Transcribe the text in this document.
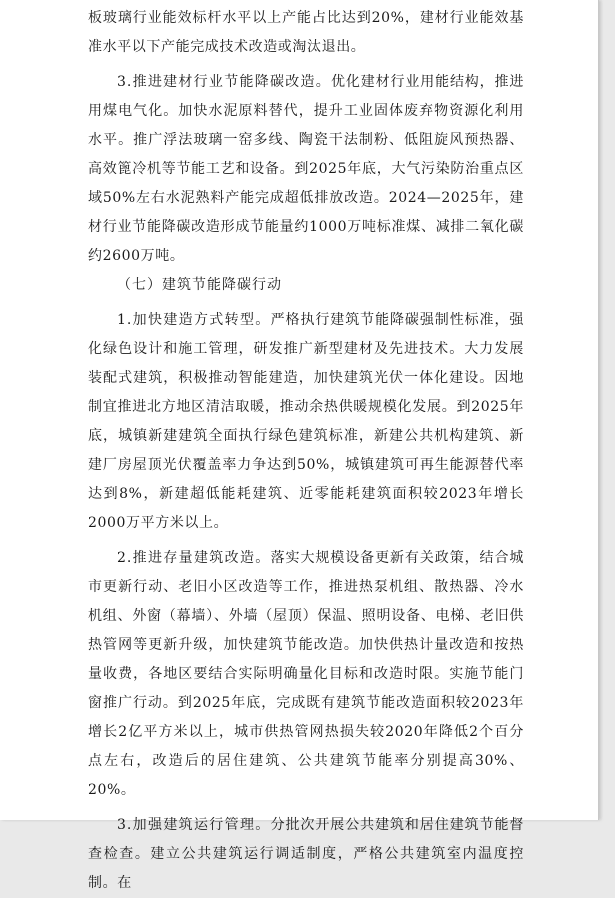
板玻璃行业能效标杆水平以上产能占比达到20%，建材行业能效基准水平以下产能完成技术改造或淘汰退出。

3.推进建材行业节能降碳改造。优化建材行业用能结构，推进用煤电气化。加快水泥原料替代，提升工业固体废弃物资源化利用水平。推广浮法玻璃一窑多线、陶瓷干法制粉、低阻旋风预热器、高效篦冷机等节能工艺和设备。到2025年底，大气污染防治重点区域50%左右水泥熟料产能完成超低排放改造。2024—2025年，建材行业节能降碳改造形成节能量约1000万吨标准煤、减排二氧化碳约2600万吨。

（七）建筑节能降碳行动

1.加快建造方式转型。严格执行建筑节能降碳强制性标准，强化绿色设计和施工管理，研发推广新型建材及先进技术。大力发展装配式建筑，积极推动智能建造，加快建筑光伏一体化建设。因地制宜推进北方地区清洁取暖，推动余热供暖规模化发展。到2025年底，城镇新建建筑全面执行绿色建筑标准，新建公共机构建筑、新建厂房屋顶光伏覆盖率力争达到50%，城镇建筑可再生能源替代率达到8%，新建超低能耗建筑、近零能耗建筑面积较2023年增长2000万平方米以上。

2.推进存量建筑改造。落实大规模设备更新有关政策，结合城市更新行动、老旧小区改造等工作，推进热泵机组、散热器、冷水机组、外窗（幕墙）、外墙（屋顶）保温、照明设备、电梯、老旧供热管网等更新升级，加快建筑节能改造。加快供热计量改造和按热量收费，各地区要结合实际明确量化目标和改造时限。实施节能门窗推广行动。到2025年底，完成既有建筑节能改造面积较2023年增长2亿平方米以上，城市供热管网热损失较2020年降低2个百分点左右，改造后的居住建筑、公共建筑节能率分别提高30%、20%。

3.加强建筑运行管理。分批次开展公共建筑和居住建筑节能督查检查。建立公共建筑运行调适制度，严格公共建筑室内温度控制。在
